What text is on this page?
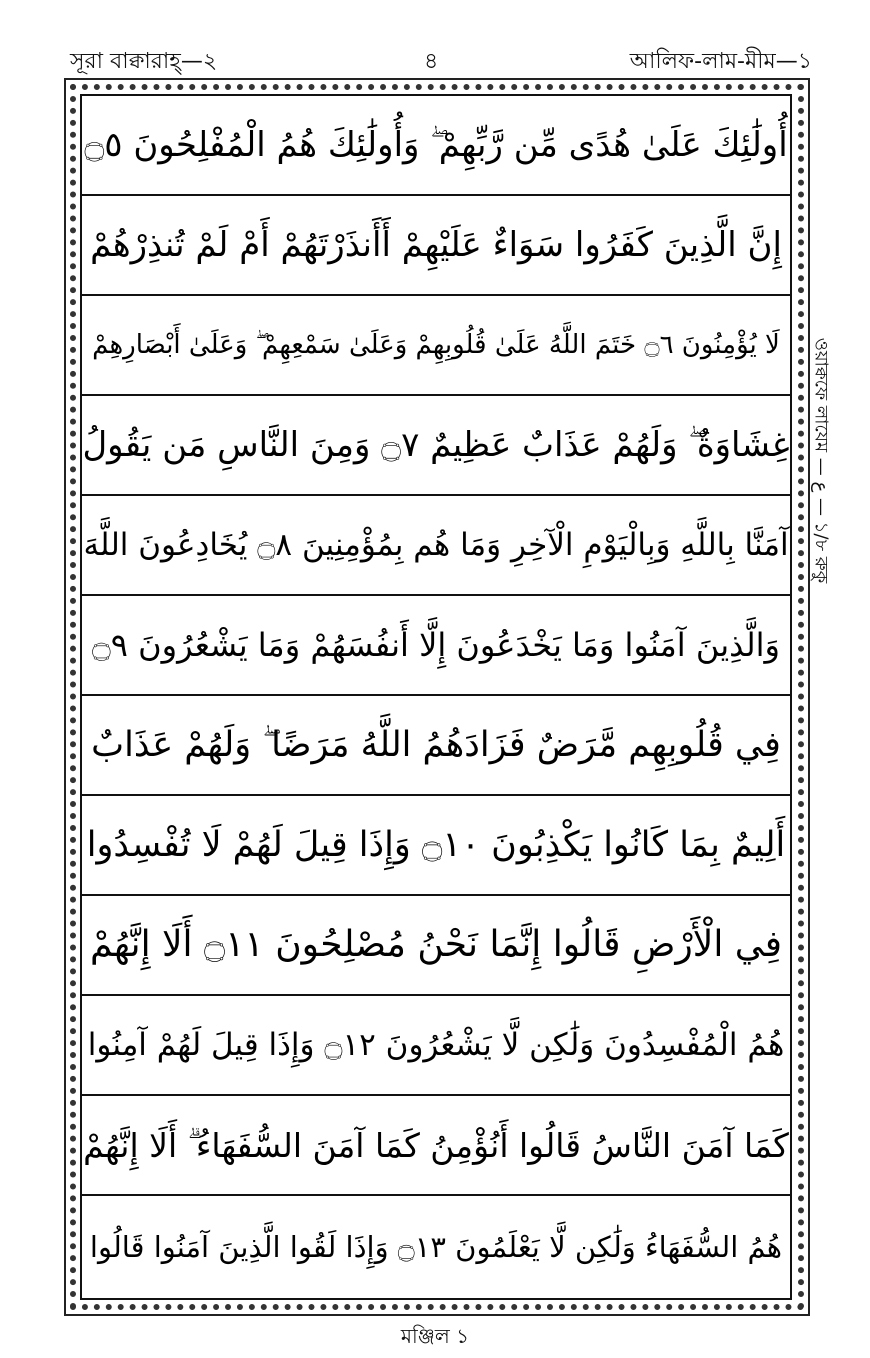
সূরা বাক্বারাহ্—২	৪	আলিফ-লাম-মীম—১
أُولَٰئِكَ عَلَىٰ هُدًى مِّن رَّبِّهِمْ ۖ وَأُولَٰئِكَ هُمُ الْمُفْلِحُونَ ۝٥
إِنَّ الَّذِينَ كَفَرُوا سَوَاءٌ عَلَيْهِمْ أَأَنذَرْتَهُمْ أَمْ لَمْ تُنذِرْهُمْ
لَا يُؤْمِنُونَ ۝٦ خَتَمَ اللَّهُ عَلَىٰ قُلُوبِهِمْ وَعَلَىٰ سَمْعِهِمْ ۖ وَعَلَىٰ أَبْصَارِهِمْ
غِشَاوَةٌ ۖ وَلَهُمْ عَذَابٌ عَظِيمٌ ۝٧ وَمِنَ النَّاسِ مَن يَقُولُ
آمَنَّا بِاللَّهِ وَبِالْيَوْمِ الْآخِرِ وَمَا هُم بِمُؤْمِنِينَ ۝٨ يُخَادِعُونَ اللَّهَ
وَالَّذِينَ آمَنُوا وَمَا يَخْدَعُونَ إِلَّا أَنفُسَهُمْ وَمَا يَشْعُرُونَ ۝٩
فِي قُلُوبِهِم مَّرَضٌ فَزَادَهُمُ اللَّهُ مَرَضًا ۖ وَلَهُمْ عَذَابٌ
أَلِيمٌ بِمَا كَانُوا يَكْذِبُونَ ۝١٠ وَإِذَا قِيلَ لَهُمْ لَا تُفْسِدُوا
فِي الْأَرْضِ قَالُوا إِنَّمَا نَحْنُ مُصْلِحُونَ ۝١١ أَلَا إِنَّهُمْ
هُمُ الْمُفْسِدُونَ وَلَٰكِن لَّا يَشْعُرُونَ ۝١٢ وَإِذَا قِيلَ لَهُمْ آمِنُوا
كَمَا آمَنَ النَّاسُ قَالُوا أَنُؤْمِنُ كَمَا آمَنَ السُّفَهَاءُ ۗ أَلَا إِنَّهُمْ
هُمُ السُّفَهَاءُ وَلَٰكِن لَّا يَعْلَمُونَ ۝١٣ وَإِذَا لَقُوا الَّذِينَ آمَنُوا قَالُوا
ওয়াক্বফে লাযেম — ع — ১/৮ রুকু
মঞ্জিল ১
